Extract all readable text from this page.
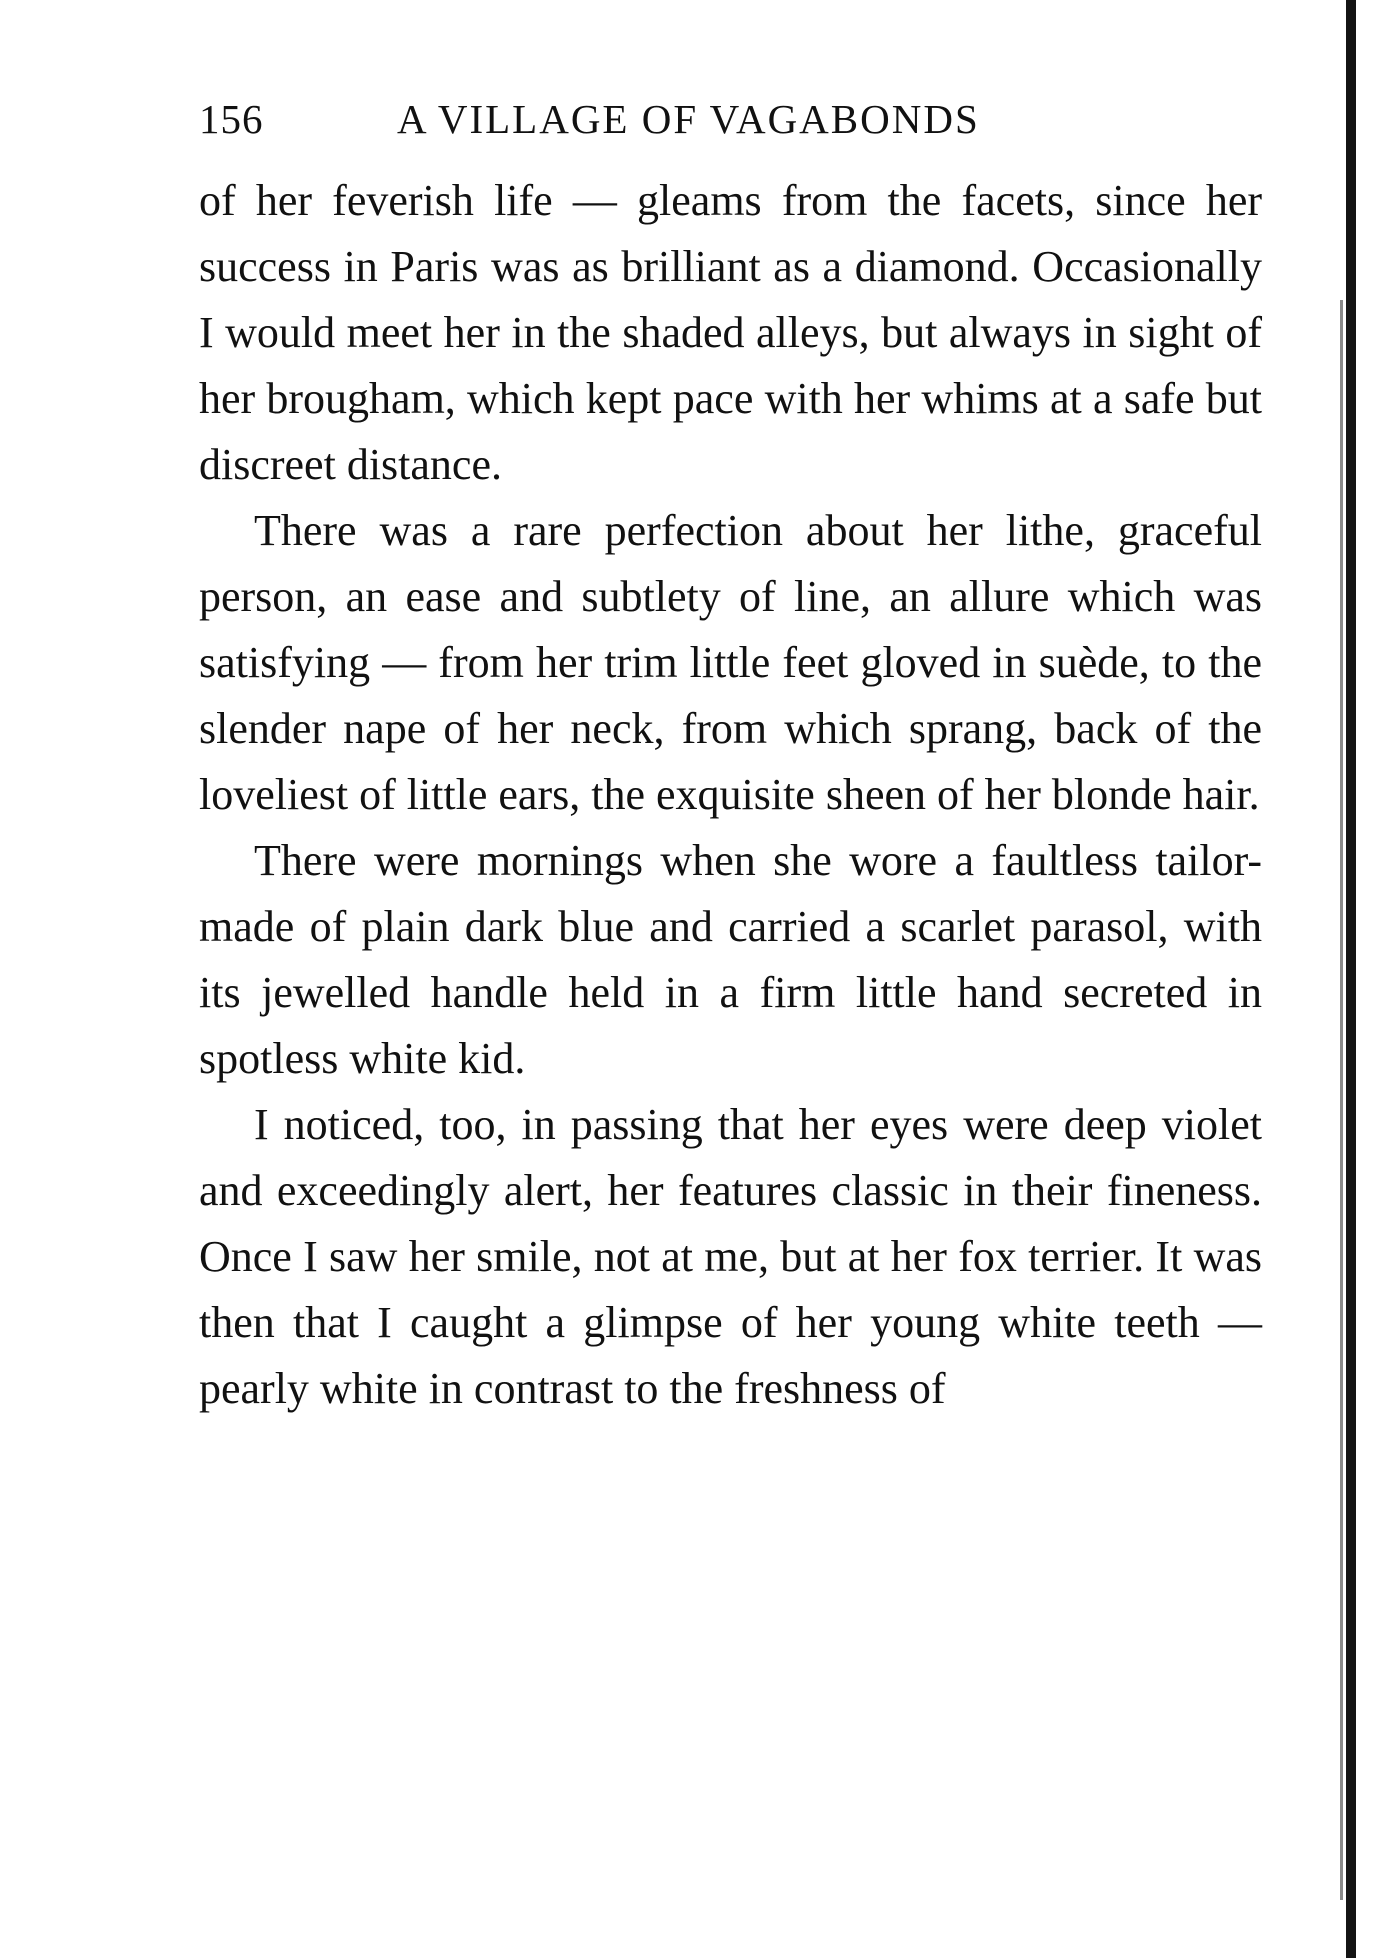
156	A VILLAGE OF VAGABONDS

of her feverish life — gleams from the facets, since her success in Paris was as brilliant as a diamond. Occasionally I would meet her in the shaded alleys, but always in sight of her brougham, which kept pace with her whims at a safe but discreet distance.

There was a rare perfection about her lithe, graceful person, an ease and subtlety of line, an allure which was satisfying — from her trim little feet gloved in suède, to the slender nape of her neck, from which sprang, back of the loveliest of little ears, the exquisite sheen of her blonde hair.

There were mornings when she wore a faultless tailor-made of plain dark blue and carried a scarlet parasol, with its jewelled handle held in a firm little hand secreted in spotless white kid.

I noticed, too, in passing that her eyes were deep violet and exceedingly alert, her features classic in their fineness. Once I saw her smile, not at me, but at her fox terrier. It was then that I caught a glimpse of her young white teeth — pearly white in contrast to the freshness of
